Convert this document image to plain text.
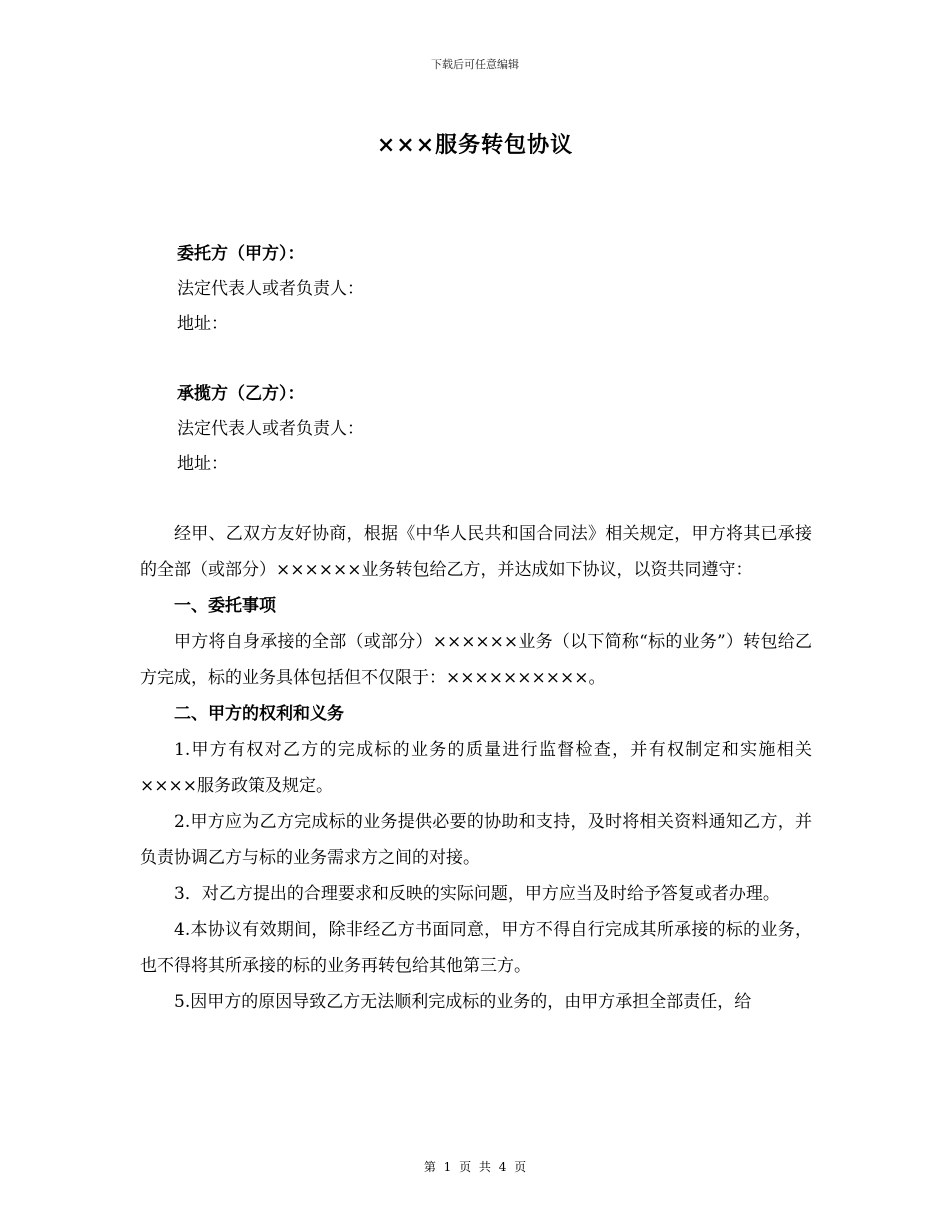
下载后可任意编辑
×××服务转包协议
委托方（甲方）：
法定代表人或者负责人：
地址：
承揽方（乙方）：
法定代表人或者负责人：
地址：

经甲、乙双方友好协商，根据《中华人民共和国合同法》相关规定，甲方将其已承接的全部（或部分）××××××业务转包给乙方，并达成如下协议，以资共同遵守：

一、委托事项

甲方将自身承接的全部（或部分）××××××业务（以下简称“标的业务”）转包给乙方完成，标的业务具体包括但不仅限于：××××××××××。

二、甲方的权利和义务

1.甲方有权对乙方的完成标的业务的质量进行监督检查，并有权制定和实施相关××××服务政策及规定。

2.甲方应为乙方完成标的业务提供必要的协助和支持，及时将相关资料通知乙方，并负责协调乙方与标的业务需求方之间的对接。

3．对乙方提出的合理要求和反映的实际问题，甲方应当及时给予答复或者办理。

4.本协议有效期间，除非经乙方书面同意，甲方不得自行完成其所承接的标的业务，也不得将其所承接的标的业务再转包给其他第三方。

5.因甲方的原因导致乙方无法顺利完成标的业务的，由甲方承担全部责任，给

第 1 页 共 4 页
